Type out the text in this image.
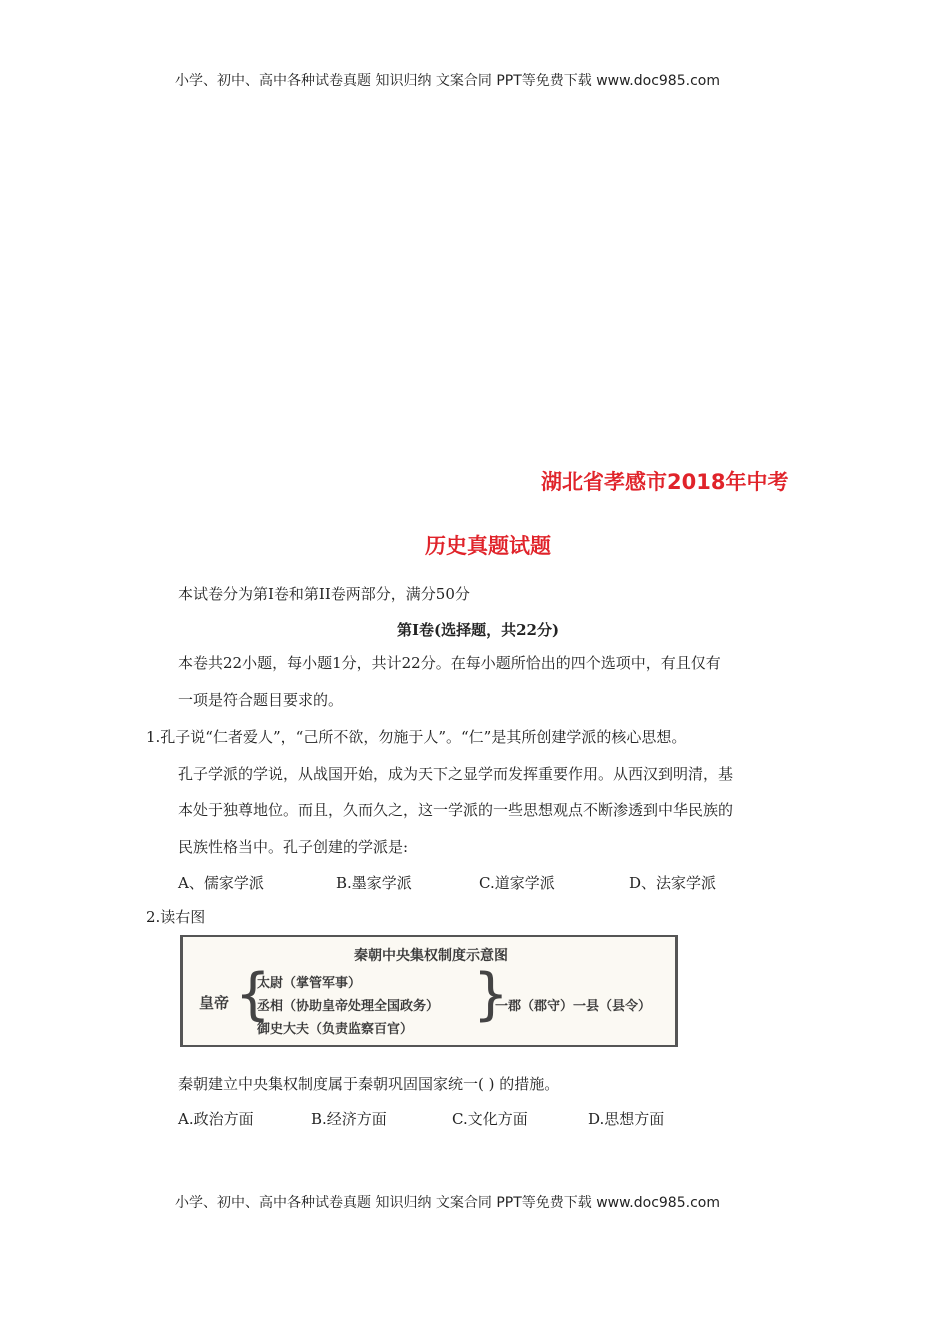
小学、初中、高中各种试卷真题 知识归纳 文案合同 PPT等免费下载 www.doc985.com
湖北省孝感市2018年中考
历史真题试题
本试卷分为第Ⅰ卷和第II卷两部分，满分50分
第Ⅰ卷(选择题，共22分)
本卷共22小题，每小题1分，共计22分。在每小题所恰出的四个选项中，有且仅有
一项是符合题目要求的。
1.孔子说“仁者爱人”，“己所不欲，勿施于人”。“仁”是其所创建学派的核心思想。
孔子学派的学说，从战国开始，成为天下之显学而发挥重要作用。从西汉到明清，基
本处于独尊地位。而且，久而久之，这一学派的一些思想观点不断渗透到中华民族的
民族性格当中。孔子创建的学派是:
A、儒家学派	B.墨家学派	C.道家学派	D、法家学派
2.读右图
秦朝中央集权制度示意图
皇帝 {
太尉（掌管军事）
丞相（协助皇帝处理全国政务）
御史大夫（负责监察百官）
}
一郡（郡守）一县（县令）
秦朝建立中央集权制度属于秦朝巩固国家统一( ) 的措施。
A.政治方面	B.经济方面	C.文化方面	D.思想方面
小学、初中、高中各种试卷真题 知识归纳 文案合同 PPT等免费下载 www.doc985.com
